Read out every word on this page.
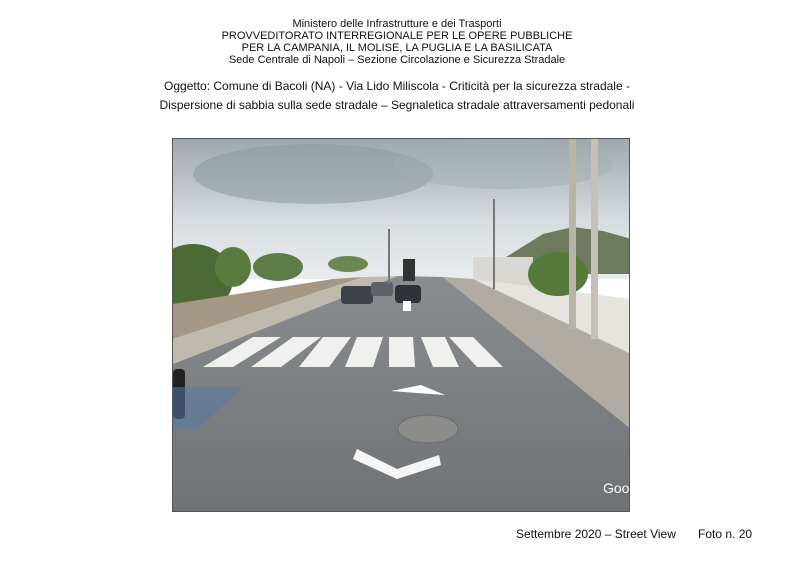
Ministero delle Infrastrutture e dei Trasporti
PROVVEDITORATO INTERREGIONALE PER LE OPERE PUBBLICHE
PER LA CAMPANIA, IL MOLISE, LA PUGLIA E LA BASILICATA
Sede Centrale di Napoli – Sezione Circolazione e Sicurezza Stradale
Oggetto: Comune di Bacoli (NA) - Via Lido Miliscola - Criticità per la sicurezza stradale -
Dispersione di sabbia sulla sede stradale – Segnaletica stradale attraversamenti pedonali
Goo
Settembre 2020 – Street View Foto n. 20
